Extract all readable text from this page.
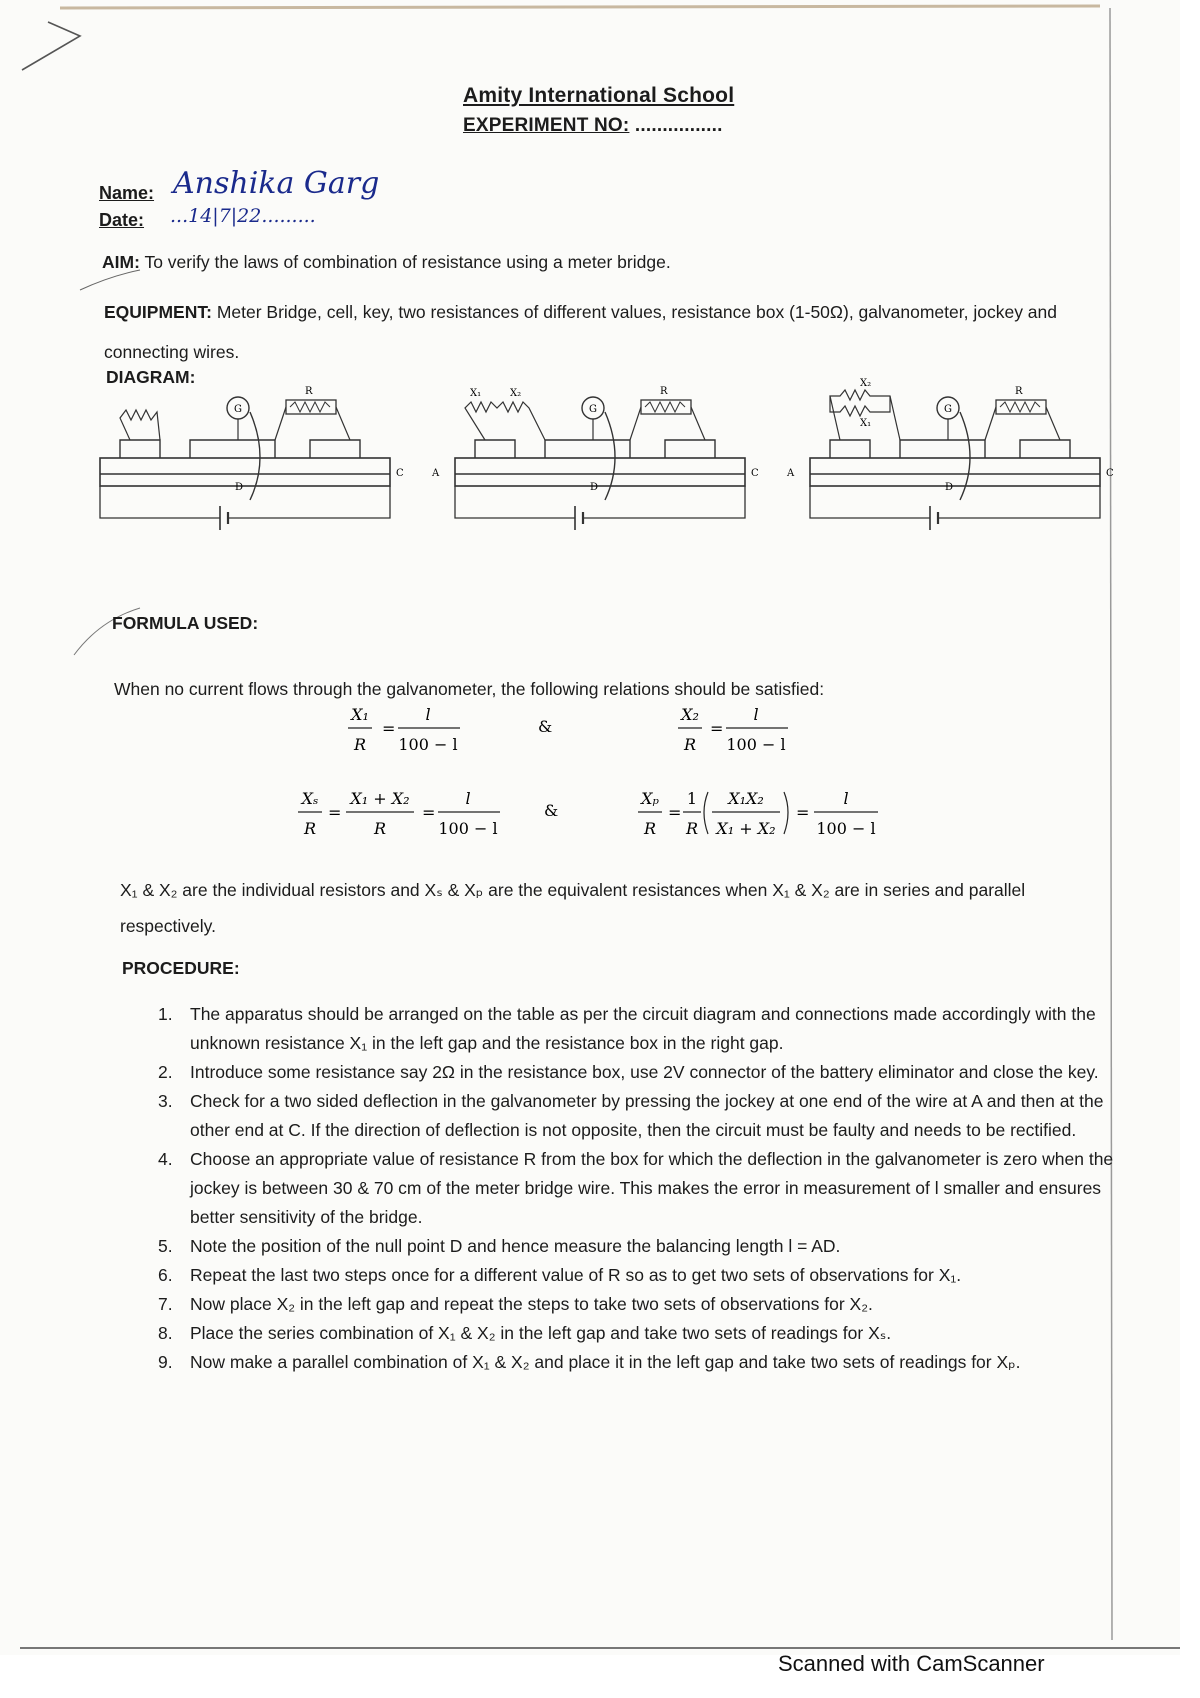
Amity International School
EXPERIMENT NO: ................
Name: Anshika Garg
Date: ...14|7|22.........
AIM: To verify the laws of combination of resistance using a meter bridge.
EQUIPMENT: Meter Bridge, cell, key, two resistances of different values, resistance box (1-50Ω), galvanometer, jockey and connecting wires.
DIAGRAM:
G
R
D
C	A
X₁	X₂
G
R
D
C	A
X₂
X₁
G
R
D
C
FORMULA USED:
When no current flows through the galvanometer, the following relations should be satisfied:
X₁
R
=
l
100 − l
&
X₂
R
=
l
100 − l
Xₛ
R
=
X₁ + X₂
R
=
l
100 − l
&
Xₚ
R
=
1
R
X₁X₂
X₁ + X₂
=
l
100 − l
X₁ & X₂ are the individual resistors and Xₛ & Xₚ are the equivalent resistances when X₁ & X₂ are in series and parallel respectively.
PROCEDURE:
1. The apparatus should be arranged on the table as per the circuit diagram and connections made accordingly with the unknown resistance X₁ in the left gap and the resistance box in the right gap.
2. Introduce some resistance say 2Ω in the resistance box, use 2V connector of the battery eliminator and close the key.
3. Check for a two sided deflection in the galvanometer by pressing the jockey at one end of the wire at A and then at the other end at C. If the direction of deflection is not opposite, then the circuit must be faulty and needs to be rectified.
4. Choose an appropriate value of resistance R from the box for which the deflection in the galvanometer is zero when the jockey is between 30 & 70 cm of the meter bridge wire. This makes the error in measurement of l smaller and ensures better sensitivity of the bridge.
5. Note the position of the null point D and hence measure the balancing length l = AD.
6. Repeat the last two steps once for a different value of R so as to get two sets of observations for X₁.
7. Now place X₂ in the left gap and repeat the steps to take two sets of observations for X₂.
8. Place the series combination of X₁ & X₂ in the left gap and take two sets of readings for Xₛ.
9. Now make a parallel combination of X₁ & X₂ and place it in the left gap and take two sets of readings for Xₚ.
Scanned with CamScanner
